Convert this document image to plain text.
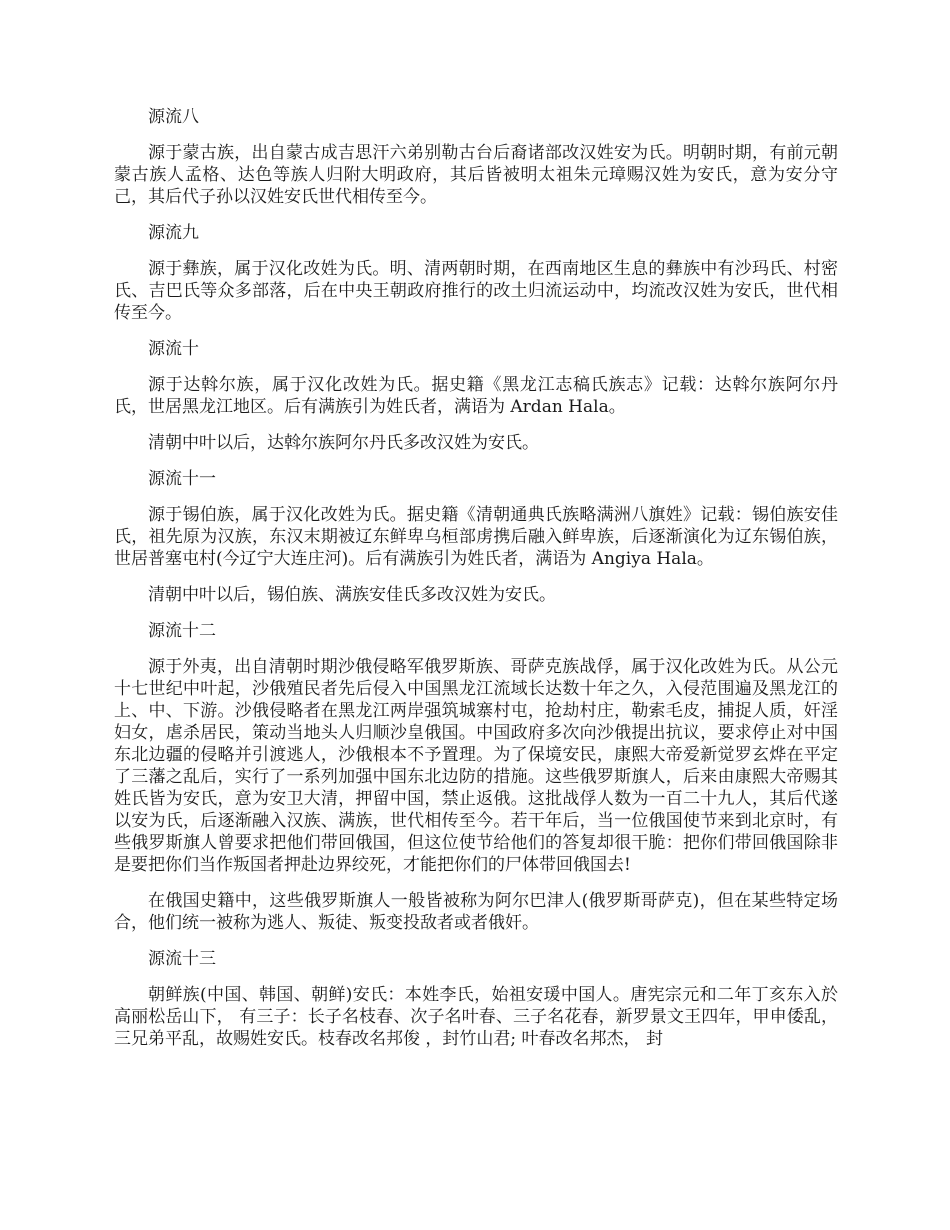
源流八

源于蒙古族，出自蒙古成吉思汗六弟别勒古台后裔诸部改汉姓安为氏。明朝时期，有前元朝蒙古族人孟格、达色等族人归附大明政府，其后皆被明太祖朱元璋赐汉姓为安氏，意为安分守己，其后代子孙以汉姓安氏世代相传至今。

源流九

源于彝族，属于汉化改姓为氏。明、清两朝时期，在西南地区生息的彝族中有沙玛氏、村密氏、吉巴氏等众多部落，后在中央王朝政府推行的改土归流运动中，均流改汉姓为安氏，世代相传至今。

源流十

源于达斡尔族，属于汉化改姓为氏。据史籍《黑龙江志稿氏族志》记载：达斡尔族阿尔丹氏，世居黑龙江地区。后有满族引为姓氏者，满语为 Ardan Hala。

清朝中叶以后，达斡尔族阿尔丹氏多改汉姓为安氏。

源流十一

源于锡伯族，属于汉化改姓为氏。据史籍《清朝通典氏族略满洲八旗姓》记载：锡伯族安佳氏，祖先原为汉族，东汉末期被辽东鲜卑乌桓部虏携后融入鲜卑族，后逐渐演化为辽东锡伯族，世居普塞屯村(今辽宁大连庄河)。后有满族引为姓氏者，满语为 Angiya Hala。

清朝中叶以后，锡伯族、满族安佳氏多改汉姓为安氏。

源流十二

源于外夷，出自清朝时期沙俄侵略军俄罗斯族、哥萨克族战俘，属于汉化改姓为氏。从公元十七世纪中叶起，沙俄殖民者先后侵入中国黑龙江流域长达数十年之久，入侵范围遍及黑龙江的上、中、下游。沙俄侵略者在黑龙江两岸强筑城寨村屯，抢劫村庄，勒索毛皮，捕捉人质，奸淫妇女，虐杀居民，策动当地头人归顺沙皇俄国。中国政府多次向沙俄提出抗议，要求停止对中国东北边疆的侵略并引渡逃人，沙俄根本不予置理。为了保境安民，康熙大帝爱新觉罗玄烨在平定了三藩之乱后，实行了一系列加强中国东北边防的措施。这些俄罗斯旗人，后来由康熙大帝赐其姓氏皆为安氏，意为安卫大清，押留中国，禁止返俄。这批战俘人数为一百二十九人，其后代遂以安为氏，后逐渐融入汉族、满族，世代相传至今。若干年后，当一位俄国使节来到北京时，有些俄罗斯旗人曾要求把他们带回俄国，但这位使节给他们的答复却很干脆：把你们带回俄国除非是要把你们当作叛国者押赴边界绞死，才能把你们的尸体带回俄国去!

在俄国史籍中，这些俄罗斯旗人一般皆被称为阿尔巴津人(俄罗斯哥萨克)，但在某些特定场合，他们统一被称为逃人、叛徒、叛变投敌者或者俄奸。

源流十三

朝鲜族(中国、韩国、朝鲜)安氏：本姓李氏，始祖安瑗中国人。唐宪宗元和二年丁亥东入於高丽松岳山下， 有三子：长子名枝春、次子名叶春、三子名花春，新罗景文王四年，甲申倭乱，三兄弟平乱，故赐姓安氏。枝春改名邦俊 ，封竹山君; 叶春改名邦杰， 封
